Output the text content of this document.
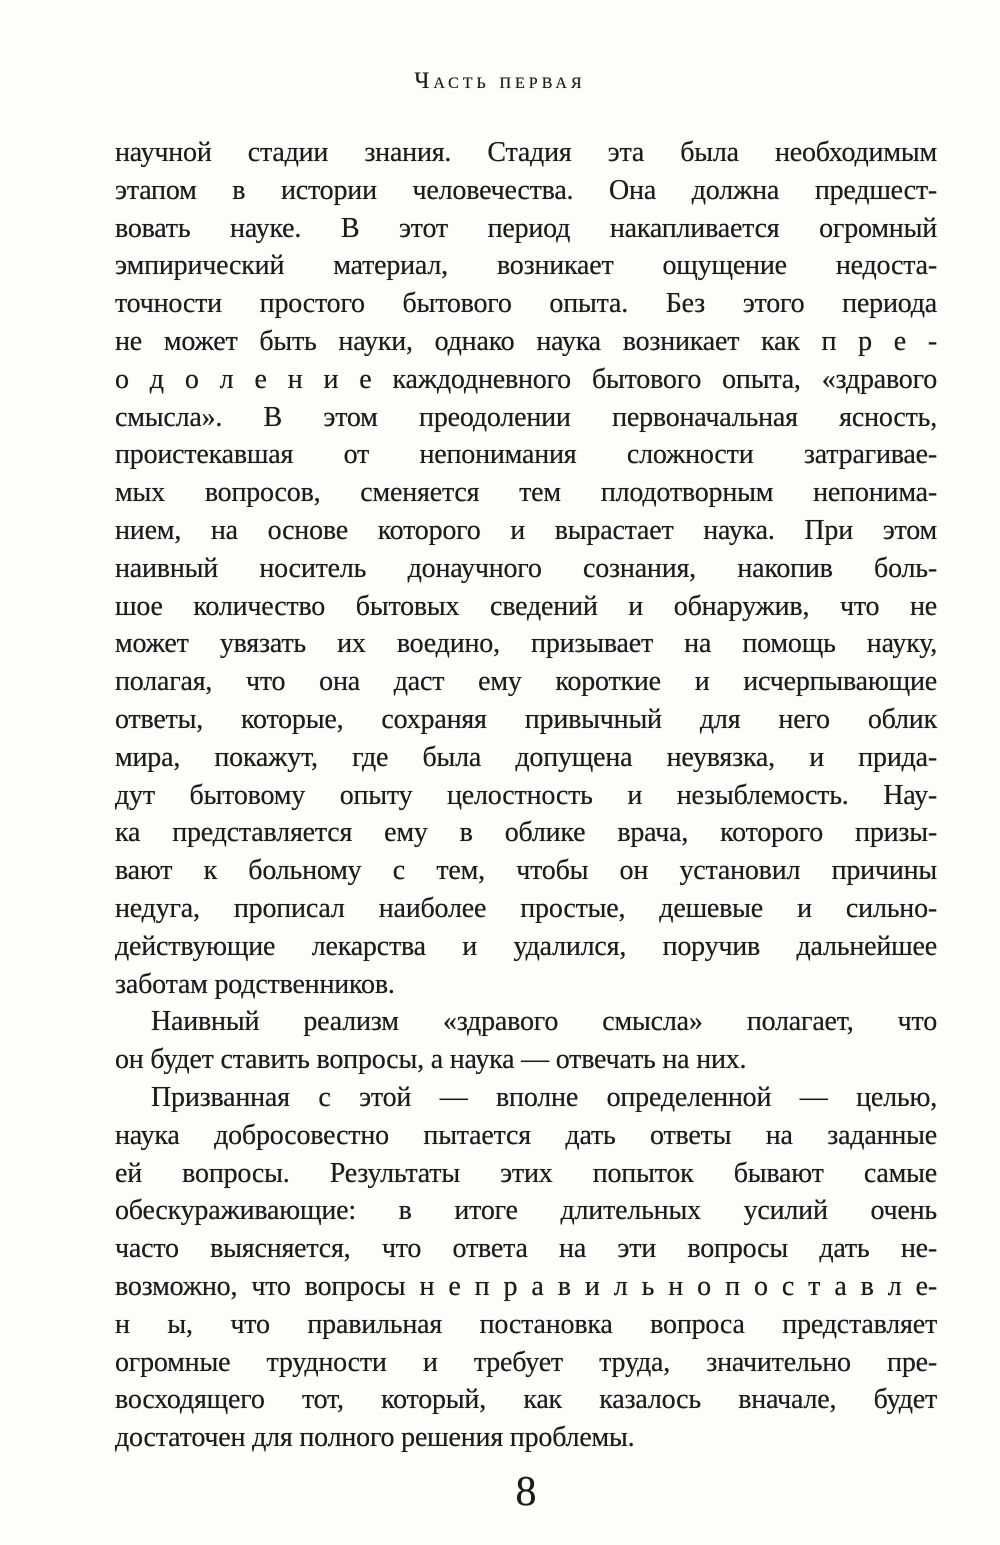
Часть первая
научной стадии знания. Стадия эта была необходимым
этапом в истории человечества. Она должна предшест-
вовать науке. В этот период накапливается огромный
эмпирический материал, возникает ощущение недоста-
точности простого бытового опыта. Без этого периода
не может быть науки, однако наука возникает как п р е -
о д о л е н и е каждодневного бытового опыта, «здравого
смысла». В этом преодолении первоначальная ясность,
проистекавшая от непонимания сложности затрагивае-
мых вопросов, сменяется тем плодотворным непонима-
нием, на основе которого и вырастает наука. При этом
наивный носитель донаучного сознания, накопив боль-
шое количество бытовых сведений и обнаружив, что не
может увязать их воедино, призывает на помощь науку,
полагая, что она даст ему короткие и исчерпывающие
ответы, которые, сохраняя привычный для него облик
мира, покажут, где была допущена неувязка, и прида-
дут бытовому опыту целостность и незыблемость. Нау-
ка представляется ему в облике врача, которого призы-
вают к больному с тем, чтобы он установил причины
недуга, прописал наиболее простые, дешевые и сильно-
действующие лекарства и удалился, поручив дальнейшее
заботам родственников.
Наивный реализм «здравого смысла» полагает, что
он будет ставить вопросы, а наука — отвечать на них.
Призванная с этой — вполне определенной — целью,
наука добросовестно пытается дать ответы на заданные
ей вопросы. Результаты этих попыток бывают самые
обескураживающие: в итоге длительных усилий очень
часто выясняется, что ответа на эти вопросы дать не-
возможно, что вопросы н е п р а в и л ь н о п о с т а в л е-
н ы, что правильная постановка вопроса представляет
огромные трудности и требует труда, значительно пре-
восходящего тот, который, как казалось вначале, будет
достаточен для полного решения проблемы.
8
